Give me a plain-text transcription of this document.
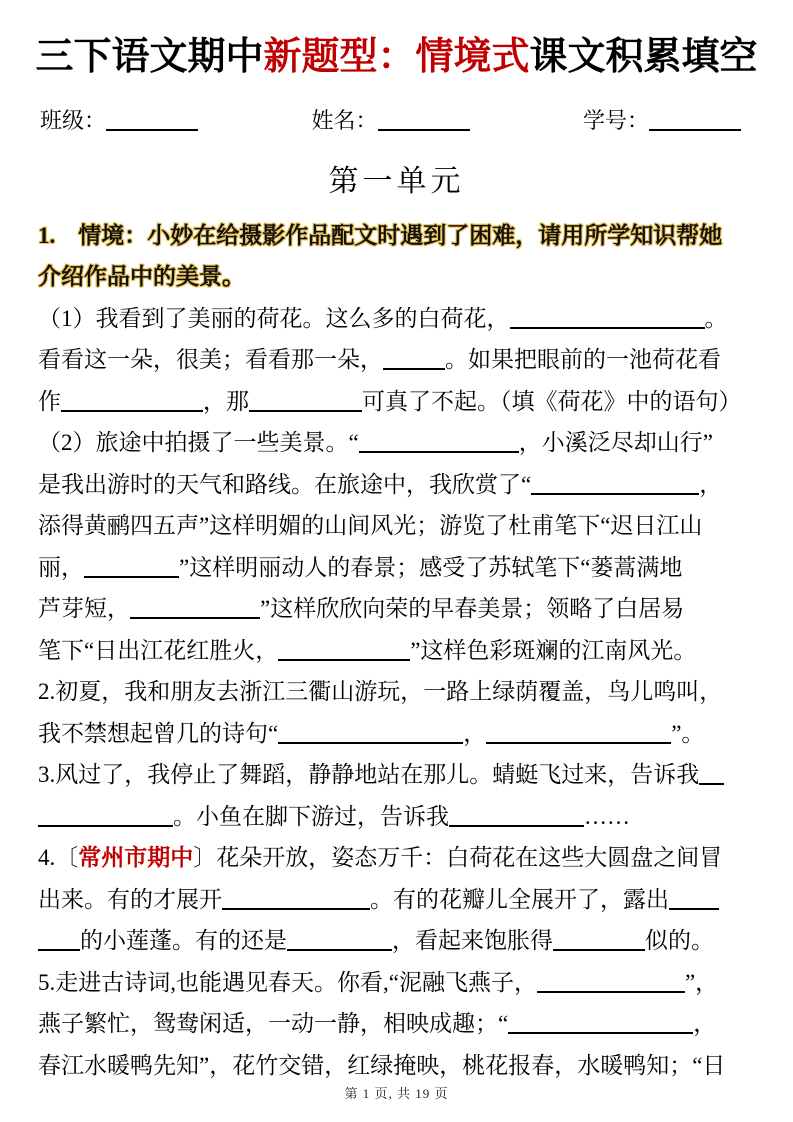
三下语文期中新题型：情境式课文积累填空
班级：	姓名：	学号：
第一单元
1.　情境：小妙在给摄影作品配文时遇到了困难，请用所学知识帮她
介绍作品中的美景。
（1）我看到了美丽的荷花。这么多的白荷花，	。
看看这一朵，很美；看看那一朵，	。如果把眼前的一池荷花看
作	，那	可真了不起。（填《荷花》中的语句）
（2）旅途中拍摄了一些美景。“	，小溪泛尽却山行”
是我出游时的天气和路线。在旅途中，我欣赏了“	，
添得黄鹂四五声”这样明媚的山间风光；游览了杜甫笔下“迟日江山
丽，	”这样明丽动人的春景；感受了苏轼笔下“蒌蒿满地
芦芽短，	”这样欣欣向荣的早春美景；领略了白居易
笔下“日出江花红胜火，	”这样色彩斑斓的江南风光。
2.初夏，我和朋友去浙江三衢山游玩，一路上绿荫覆盖，鸟儿鸣叫，
我不禁想起曾几的诗句“	，	”。
3.风过了，我停止了舞蹈，静静地站在那儿。蜻蜓飞过来，告诉我
。小鱼在脚下游过，告诉我	……
4.〔常州市期中〕花朵开放，姿态万千：白荷花在这些大圆盘之间冒
出来。有的才展开	。有的花瓣儿全展开了，露出
的小莲蓬。有的还是	，看起来饱胀得	似的。
5.走进古诗词,也能遇见春天。你看,“泥融飞燕子，	”，
燕子繁忙，鸳鸯闲适，一动一静，相映成趣；“	，
春江水暖鸭先知”，花竹交错，红绿掩映，桃花报春，水暖鸭知；“日
第 1 页, 共 19 页
